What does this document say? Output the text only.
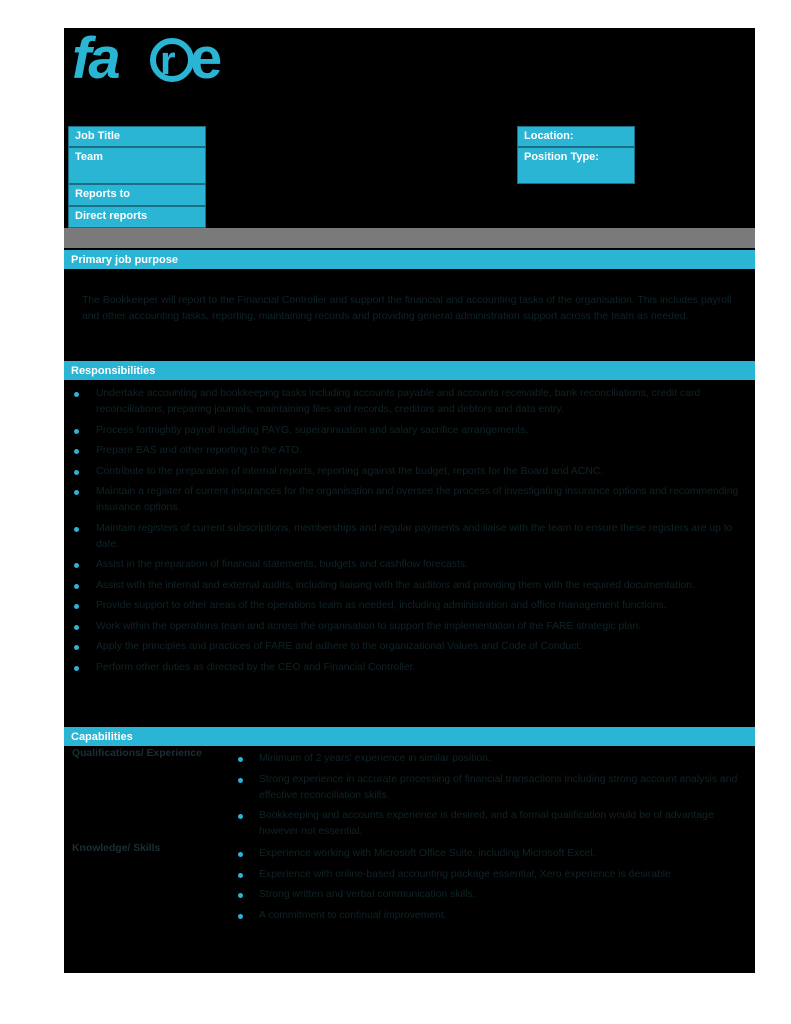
fa r e
Job Title
Team
Reports to
Direct reports
Location:
Position Type:
Primary job purpose
The Bookkeeper will report to the Financial Controller and support the financial and accounting tasks of the organisation. This includes payroll and other accounting tasks, reporting, maintaining records and providing general administration support across the team as needed.
Responsibilities
Undertake accounting and bookkeeping tasks including accounts payable and accounts receivable, bank reconciliations, credit card reconciliations, preparing journals, maintaining files and records, creditors and debtors and data entry.
Process fortnightly payroll including PAYG, superannuation and salary sacrifice arrangements.
Prepare BAS and other reporting to the ATO.
Contribute to the preparation of internal reports, reporting against the budget, reports for the Board and ACNC.
Maintain a register of current insurances for the organisation and oversee the process of investigating insurance options and recommending insurance options.
Maintain registers of current subscriptions, memberships and regular payments and liaise with the team to ensure these registers are up to date.
Assist in the preparation of financial statements, budgets and cashflow forecasts.
Assist with the internal and external audits, including liaising with the auditors and providing them with the required documentation.
Provide support to other areas of the operations team as needed, including administration and office management functions.
Work within the operations team and across the organisation to support the implementation of the FARE strategic plan.
Apply the principles and practices of FARE and adhere to the organizational Values and Code of Conduct.
Perform other duties as directed by the CEO and Financial Controller.
Capabilities
Qualifications/ Experience	Minimum of 2 years' experience in similar position.
Strong experience in accurate processing of financial transactions including strong account analysis and effective reconciliation skills.
Bookkeeping and accounts experience is desired, and a formal qualification would be of advantage however not essential.
Knowledge/ Skills	Experience working with Microsoft Office Suite, including Microsoft Excel.
Experience with online-based accounting package essential, Xero experience is desirable
Strong written and verbal communication skills.
A commitment to continual improvement.
